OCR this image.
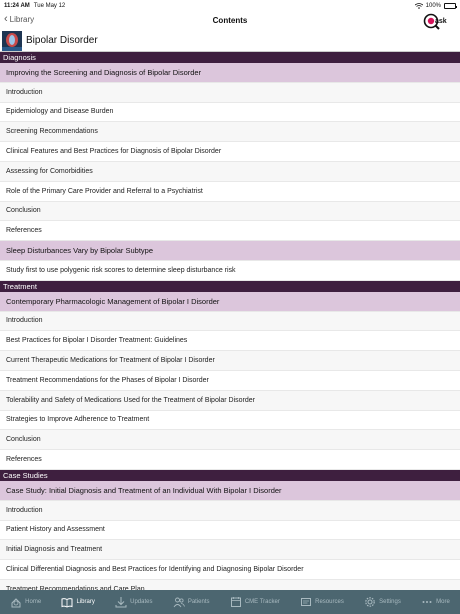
11:24 AM Tue May 12	100%
‹ Library	Contents	ask
Bipolar Disorder
Diagnosis
Improving the Screening and Diagnosis of Bipolar Disorder
Introduction
Epidemiology and Disease Burden
Screening Recommendations
Clinical Features and Best Practices for Diagnosis of Bipolar Disorder
Assessing for Comorbidities
Role of the Primary Care Provider and Referral to a Psychiatrist
Conclusion
References
Sleep Disturbances Vary by Bipolar Subtype
Study first to use polygenic risk scores to determine sleep disturbance risk
Treatment
Contemporary Pharmacologic Management of Bipolar I Disorder
Introduction
Best Practices for Bipolar I Disorder Treatment: Guidelines
Current Therapeutic Medications for Treatment of Bipolar I Disorder
Treatment Recommendations for the Phases of Bipolar I Disorder
Tolerability and Safety of Medications Used for the Treatment of Bipolar Disorder
Strategies to Improve Adherence to Treatment
Conclusion
References
Case Studies
Case Study: Initial Diagnosis and Treatment of an Individual With Bipolar I Disorder
Introduction
Patient History and Assessment
Initial Diagnosis and Treatment
Clinical Differential Diagnosis and Best Practices for Identifying and Diagnosing Bipolar Disorder
Treatment Recommendations and Care Plan
Home	Library	Updates	Patients	CME Tracker	Resources	Settings	More
